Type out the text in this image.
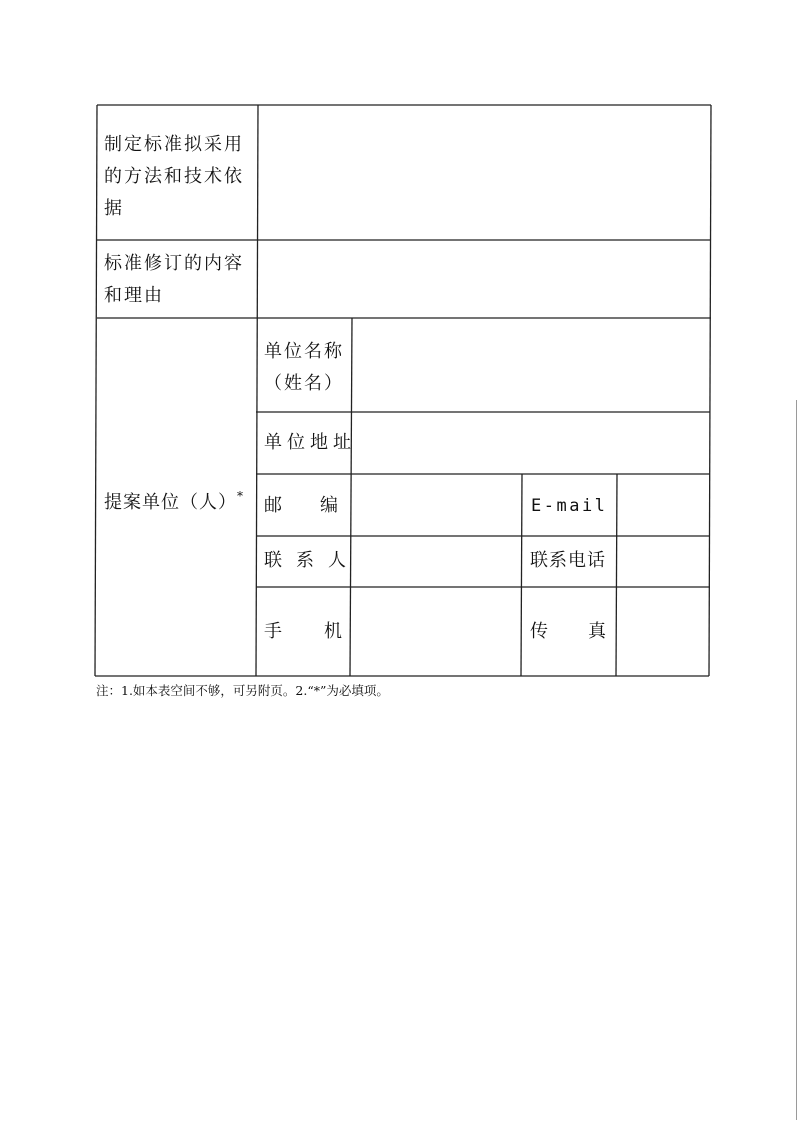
制定标准拟采用的方法和技术依据
标准修订的内容和理由
提案单位（人）*
单位名称（姓名）
单位地址
邮编	E-mail
联系人	联系电话
手机	传真
注：1.如本表空间不够，可另附页。2.“*”为必填项。
